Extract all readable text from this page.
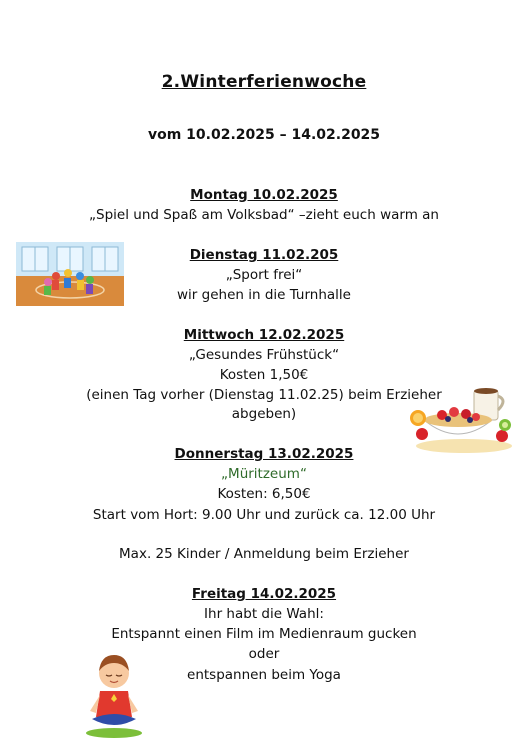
2.Winterferienwoche
vom 10.02.2025 – 14.02.2025
Montag 10.02.2025
„Spiel und Spaß am Volksbad“ –zieht euch warm an
Dienstag 11.02.205
„Sport frei“
wir gehen in die Turnhalle
Mittwoch 12.02.2025
„Gesundes Frühstück“
Kosten 1,50€
(einen Tag vorher (Dienstag 11.02.25) beim Erzieher
abgeben)
Donnerstag 13.02.2025
„Müritzeum“
Kosten: 6,50€
Start vom Hort: 9.00 Uhr und zurück ca. 12.00 Uhr
Max. 25 Kinder / Anmeldung beim Erzieher
Freitag 14.02.2025
Ihr habt die Wahl:
Entspannt einen Film im Medienraum gucken
oder
entspannen beim Yoga
